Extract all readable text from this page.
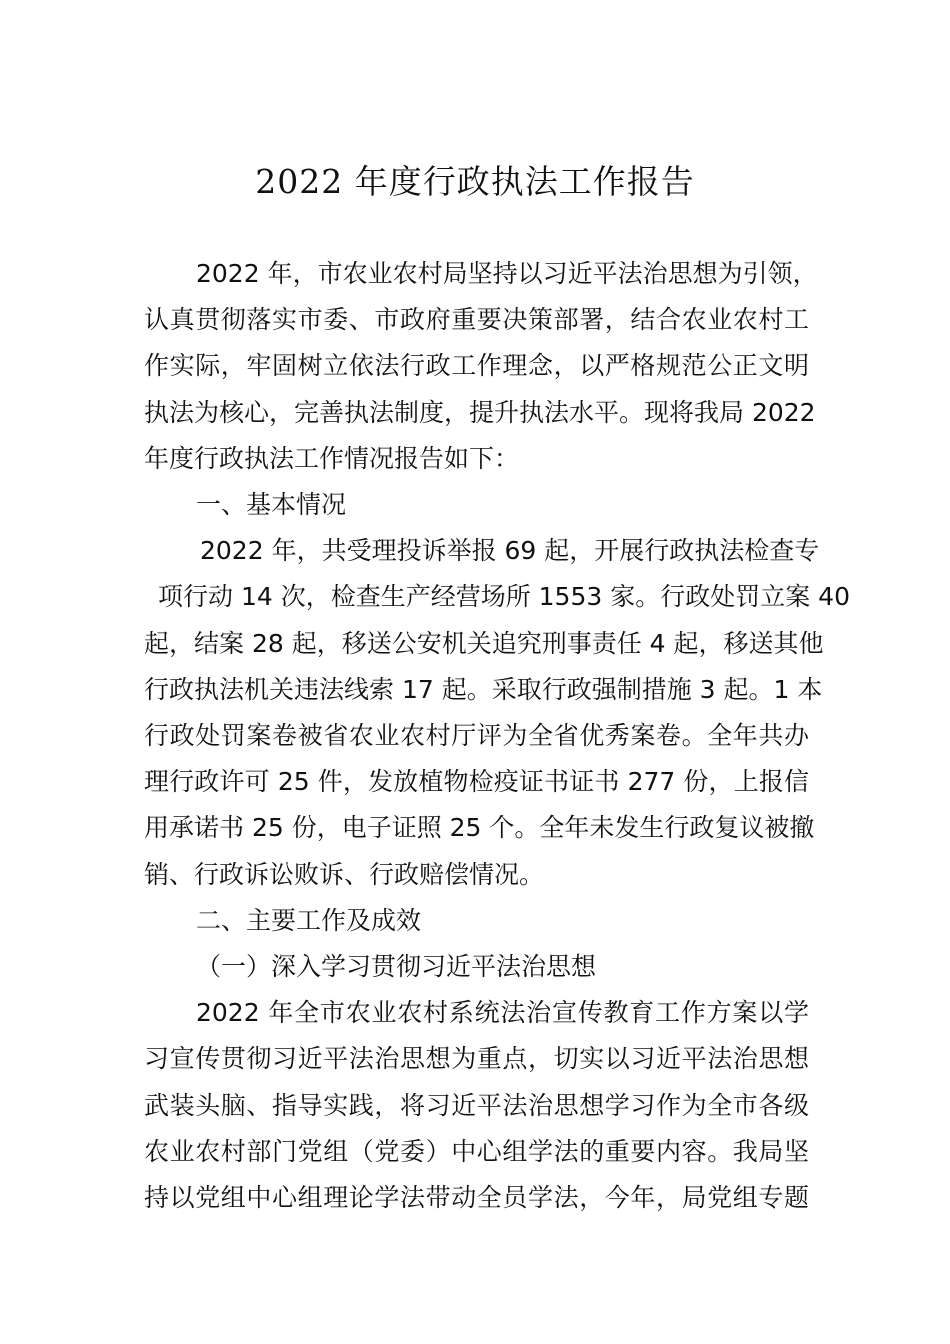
2022 年度行政执法工作报告
2022 年，市农业农村局坚持以习近平法治思想为引领，
认真贯彻落实市委、市政府重要决策部署，结合农业农村工
作实际，牢固树立依法行政工作理念，以严格规范公正文明
执法为核心，完善执法制度，提升执法水平。现将我局 2022
年度行政执法工作情况报告如下：
一、基本情况
2022 年，共受理投诉举报 69 起，开展行政执法检查专
项行动 14 次，检查生产经营场所 1553 家。行政处罚立案 40
起，结案 28 起，移送公安机关追究刑事责任 4 起，移送其他
行政执法机关违法线索 17 起。采取行政强制措施 3 起。1 本
行政处罚案卷被省农业农村厅评为全省优秀案卷。全年共办
理行政许可 25 件，发放植物检疫证书证书 277 份，上报信
用承诺书 25 份，电子证照 25 个。全年未发生行政复议被撤
销、行政诉讼败诉、行政赔偿情况。
二、主要工作及成效
（一）深入学习贯彻习近平法治思想
2022 年全市农业农村系统法治宣传教育工作方案以学
习宣传贯彻习近平法治思想为重点，切实以习近平法治思想
武装头脑、指导实践，将习近平法治思想学习作为全市各级
农业农村部门党组（党委）中心组学法的重要内容。我局坚
持以党组中心组理论学法带动全员学法，今年，局党组专题
